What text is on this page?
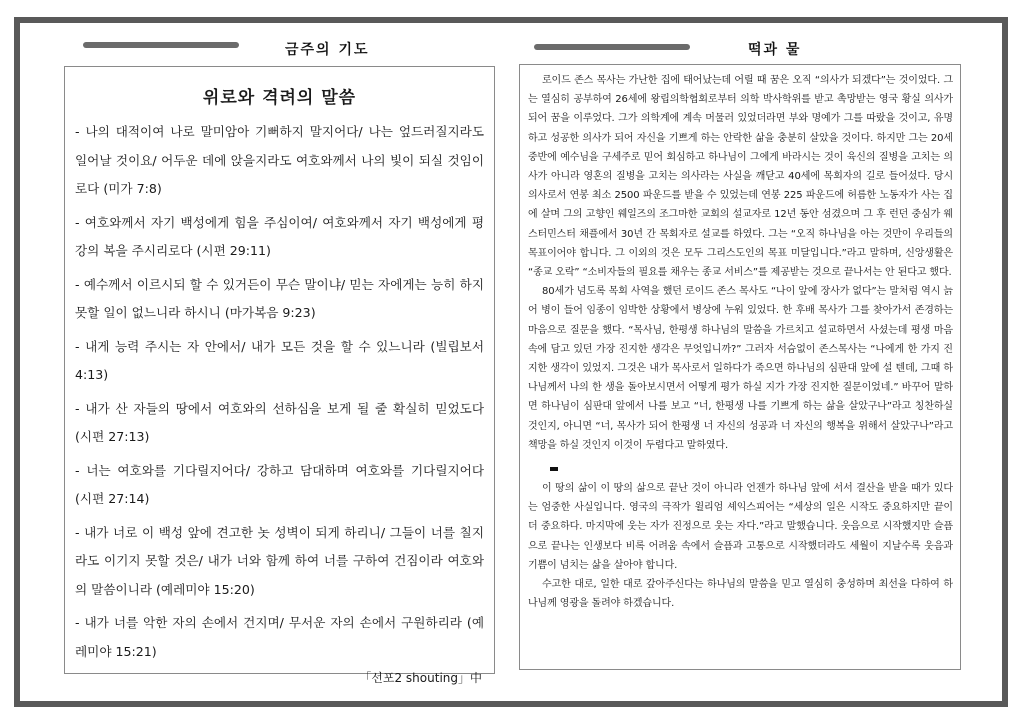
금주의 기도	떡과 물
위로와 격려의 말씀

- 나의 대적이여 나로 말미암아 기뻐하지 말지어다/ 나는 엎드러질지라도 일어날 것이요/ 어두운 데에 앉을지라도 여호와께서 나의 빛이 되실 것임이로다 (미가 7:8)

- 여호와께서 자기 백성에게 힘을 주심이여/ 여호와께서 자기 백성에게 평강의 복을 주시리로다 (시편 29:11)

- 예수께서 이르시되 할 수 있거든이 무슨 말이냐/ 믿는 자에게는 능히 하지 못할 일이 없느니라 하시니 (마가복음 9:23)

- 내게 능력 주시는 자 안에서/ 내가 모든 것을 할 수 있느니라 (빌립보서 4:13)

- 내가 산 자들의 땅에서 여호와의 선하심을 보게 될 줄 확실히 믿었도다 (시편 27:13)

- 너는 여호와를 기다릴지어다/ 강하고 담대하며 여호와를 기다릴지어다 (시편 27:14)

- 내가 너로 이 백성 앞에 견고한 놋 성벽이 되게 하리니/ 그들이 너를 칠지라도 이기지 못할 것은/ 내가 너와 함께 하여 너를 구하여 건짐이라 여호와의 말씀이니라 (예레미야 15:20)

- 내가 너를 악한 자의 손에서 건지며/ 무서운 자의 손에서 구원하리라 (예레미야 15:21)

「선포2 shouting」中

로이드 존스 목사는 가난한 집에 태어났는데 어릴 때 꿈은 오직 “의사가 되겠다”는 것이었다. 그는 열심히 공부하여 26세에 왕립의학협회로부터 의학 박사학위를 받고 촉망받는 영국 황실 의사가 되어 꿈을 이루었다. 그가 의학계에 계속 머물러 있었더라면 부와 명예가 그를 따랐을 것이고, 유명하고 성공한 의사가 되어 자신을 기쁘게 하는 안락한 삶을 충분히 살았을 것이다. 하지만 그는 20세 중반에 예수님을 구세주로 믿어 회심하고 하나님이 그에게 바라시는 것이 육신의 질병을 고치는 의사가 아니라 영혼의 질병을 고치는 의사라는 사실을 깨닫고 40세에 목회자의 길로 들어섰다. 당시 의사로서 연봉 최소 2500 파운드를 받을 수 있었는데 연봉 225 파운드에 허름한 노동자가 사는 집에 살며 그의 고향인 웨일즈의 조그마한 교회의 설교자로 12년 동안 섬겼으며 그 후 런던 중심가 웨스터민스터 채플에서 30년 간 목회자로 설교를 하였다. 그는 “오직 하나님을 아는 것만이 우리들의 목표이어야 합니다. 그 이외의 것은 모두 그리스도인의 목표 미달입니다.”라고 말하며, 신앙생활은 “종교 오락” “소비자들의 필요를 채우는 종교 서비스”를 제공받는 것으로 끝나서는 안 된다고 했다.

80세가 넘도록 목회 사역을 했던 로이드 존스 목사도 “나이 앞에 장사가 없다”는 말처럼 역시 늙어 병이 들어 임종이 임박한 상황에서 병상에 누워 있었다. 한 후배 목사가 그를 찾아가서 존경하는 마음으로 질문을 했다. “목사님, 한평생 하나님의 말씀을 가르치고 설교하면서 사셨는데 평생 마음속에 담고 있던 가장 진지한 생각은 무엇입니까?” 그러자 서슴없이 존스목사는 “나에게 한 가지 진지한 생각이 있었지. 그것은 내가 목사로서 일하다가 죽으면 하나님의 심판대 앞에 설 텐데, 그때 하나님께서 나의 한 생을 돌아보시면서 어떻게 평가 하실 지가 가장 진지한 질문이었네.” 바꾸어 말하면 하나님이 심판대 앞에서 나를 보고 “너, 한평생 나를 기쁘게 하는 삶을 살았구나”라고 칭찬하실 것인지, 아니면 “너, 목사가 되어 한평생 너 자신의 성공과 너 자신의 행복을 위해서 살았구나”라고 책망을 하실 것인지 이것이 두렵다고 말하였다.

이 땅의 삶이 이 땅의 삶으로 끝난 것이 아니라 언젠가 하나님 앞에 서서 결산을 받을 때가 있다는 엄중한 사실입니다. 영국의 극작가 윌리엄 셰익스피어는 “세상의 일은 시작도 중요하지만 끝이 더 중요하다. 마지막에 웃는 자가 진정으로 웃는 자다.”라고 말했습니다. 웃음으로 시작했지만 슬픔으로 끝나는 인생보다 비록 어려움 속에서 슬픔과 고통으로 시작했더라도 세월이 지날수록 웃음과 기쁨이 넘치는 삶을 살아야 합니다.

수고한 대로, 일한 대로 갚아주신다는 하나님의 말씀을 믿고 열심히 충성하며 최선을 다하여 하나님께 영광을 돌려야 하겠습니다.
